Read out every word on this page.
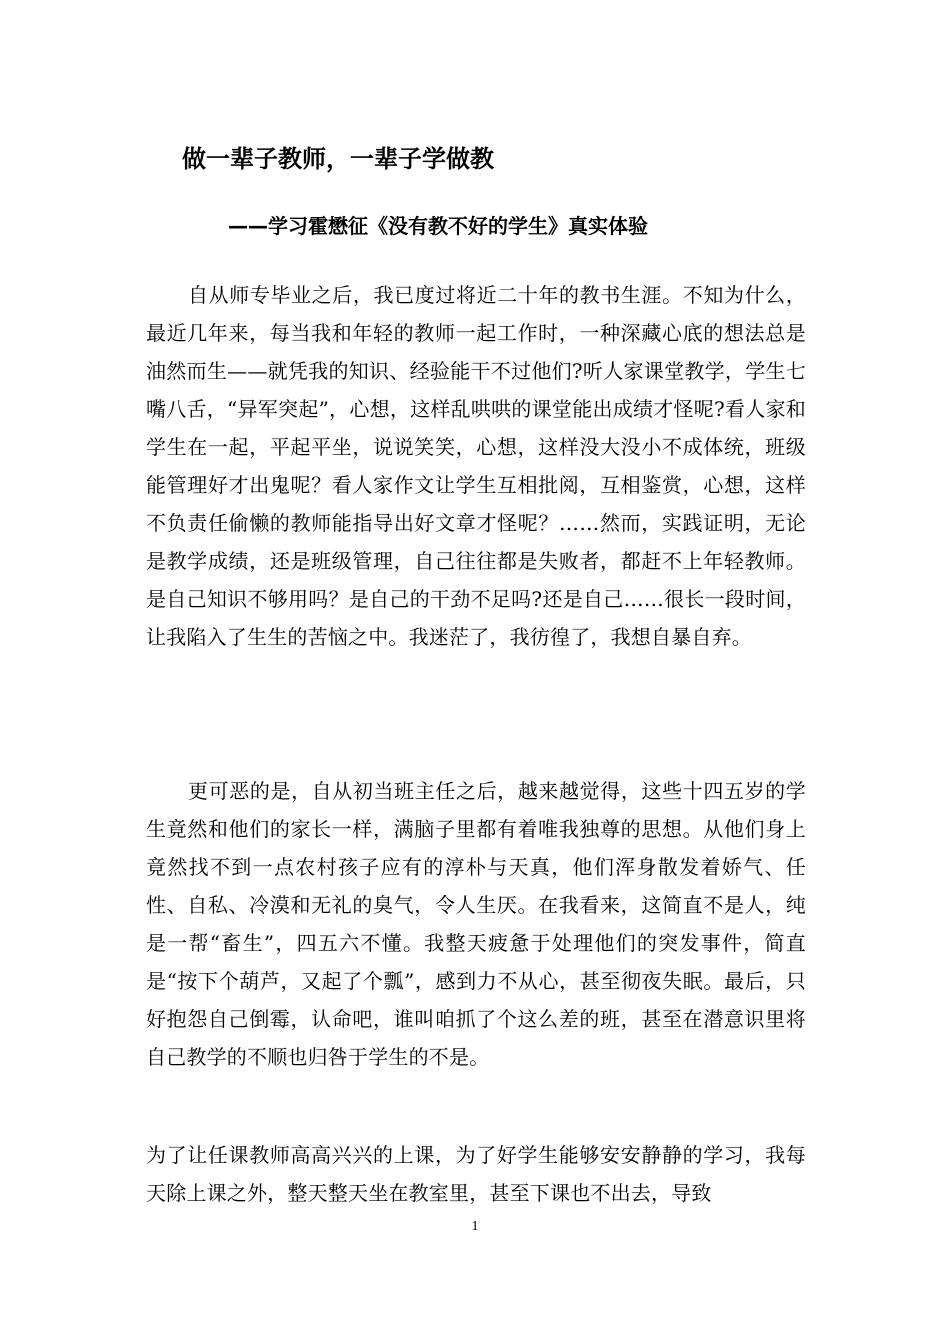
做一辈子教师，一辈子学做教
——学习霍懋征《没有教不好的学生》真实体验

自从师专毕业之后，我已度过将近二十年的教书生涯。不知为什么，最近几年来，每当我和年轻的教师一起工作时，一种深藏心底的想法总是油然而生——就凭我的知识、经验能干不过他们?听人家课堂教学，学生七嘴八舌，“异军突起”，心想，这样乱哄哄的课堂能出成绩才怪呢?看人家和学生在一起，平起平坐，说说笑笑，心想，这样没大没小不成体统，班级能管理好才出鬼呢？看人家作文让学生互相批阅，互相鉴赏，心想，这样不负责任偷懒的教师能指导出好文章才怪呢？……然而，实践证明，无论是教学成绩，还是班级管理，自己往往都是失败者，都赶不上年轻教师。是自己知识不够用吗？是自己的干劲不足吗?还是自己……很长一段时间，让我陷入了生生的苦恼之中。我迷茫了，我彷徨了，我想自暴自弃。

更可恶的是，自从初当班主任之后，越来越觉得，这些十四五岁的学生竟然和他们的家长一样，满脑子里都有着唯我独尊的思想。从他们身上竟然找不到一点农村孩子应有的淳朴与天真，他们浑身散发着娇气、任性、自私、冷漠和无礼的臭气，令人生厌。在我看来，这简直不是人，纯是一帮“畜生”，四五六不懂。我整天疲惫于处理他们的突发事件，简直是“按下个葫芦，又起了个瓢”，感到力不从心，甚至彻夜失眠。最后，只好抱怨自己倒霉，认命吧，谁叫咱抓了个这么差的班，甚至在潜意识里将自己教学的不顺也归咎于学生的不是。

为了让任课教师高高兴兴的上课，为了好学生能够安安静静的学习，我每天除上课之外，整天整天坐在教室里，甚至下课也不出去，导致

1
